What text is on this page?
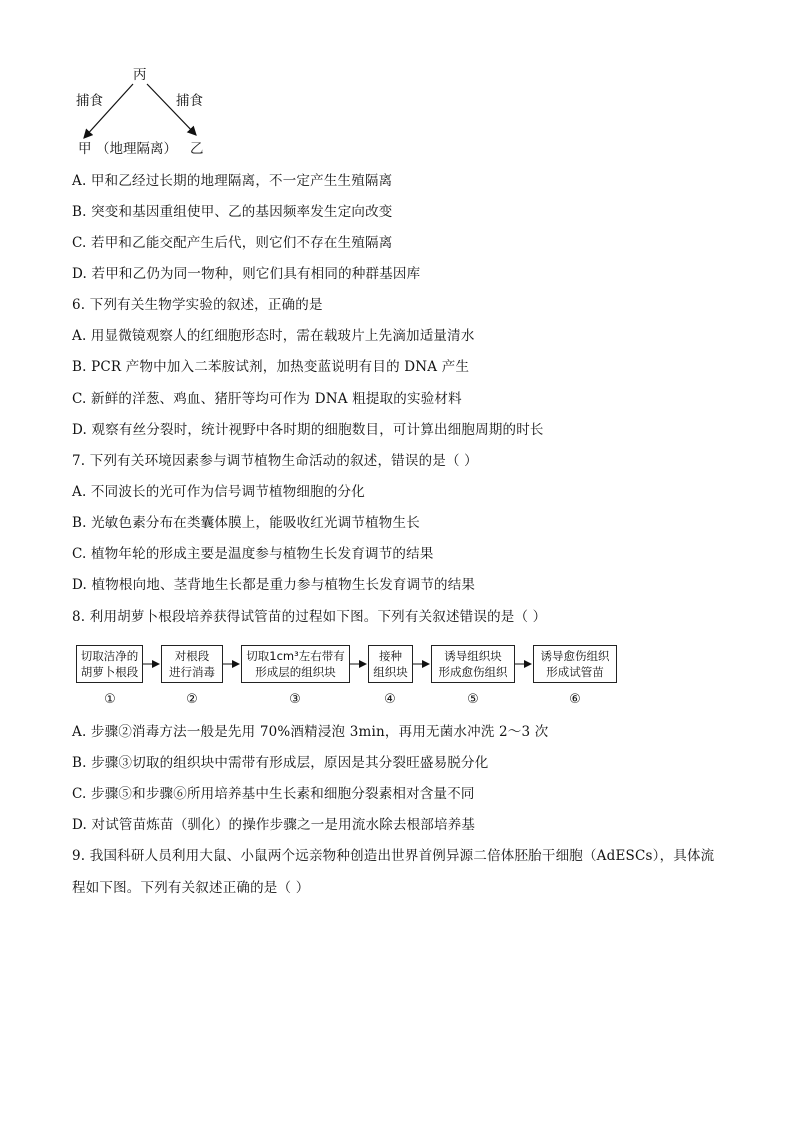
丙
捕食	捕食
甲 （地理隔离） 乙
A. 甲和乙经过长期的地理隔离，不一定产生生殖隔离
B. 突变和基因重组使甲、乙的基因频率发生定向改变
C. 若甲和乙能交配产生后代，则它们不存在生殖隔离
D. 若甲和乙仍为同一物种，则它们具有相同的种群基因库
6. 下列有关生物学实验的叙述，正确的是
A. 用显微镜观察人的红细胞形态时，需在载玻片上先滴加适量清水
B. PCR 产物中加入二苯胺试剂，加热变蓝说明有目的 DNA 产生
C. 新鲜的洋葱、鸡血、猪肝等均可作为 DNA 粗提取的实验材料
D. 观察有丝分裂时，统计视野中各时期的细胞数目，可计算出细胞周期的时长
7. 下列有关环境因素参与调节植物生命活动的叙述，错误的是（ ）
A. 不同波长的光可作为信号调节植物细胞的分化
B. 光敏色素分布在类囊体膜上，能吸收红光调节植物生长
C. 植物年轮的形成主要是温度参与植物生长发育调节的结果
D. 植物根向地、茎背地生长都是重力参与植物生长发育调节的结果
8. 利用胡萝卜根段培养获得试管苗的过程如下图。下列有关叙述错误的是（ ）
切取洁净的
胡萝卜根段
对根段
进行消毒
切取1cm³左右带有
形成层的组织块
接种
组织块
诱导组织块
形成愈伤组织
诱导愈伤组织
形成试管苗
①	②	③	④	⑤	⑥
A. 步骤②消毒方法一般是先用 70%酒精浸泡 3min，再用无菌水冲洗 2～3 次
B. 步骤③切取的组织块中需带有形成层，原因是其分裂旺盛易脱分化
C. 步骤⑤和步骤⑥所用培养基中生长素和细胞分裂素相对含量不同
D. 对试管苗炼苗（驯化）的操作步骤之一是用流水除去根部培养基
9. 我国科研人员利用大鼠、小鼠两个远亲物种创造出世界首例异源二倍体胚胎干细胞（AdESCs），具体流
程如下图。下列有关叙述正确的是（ ）
